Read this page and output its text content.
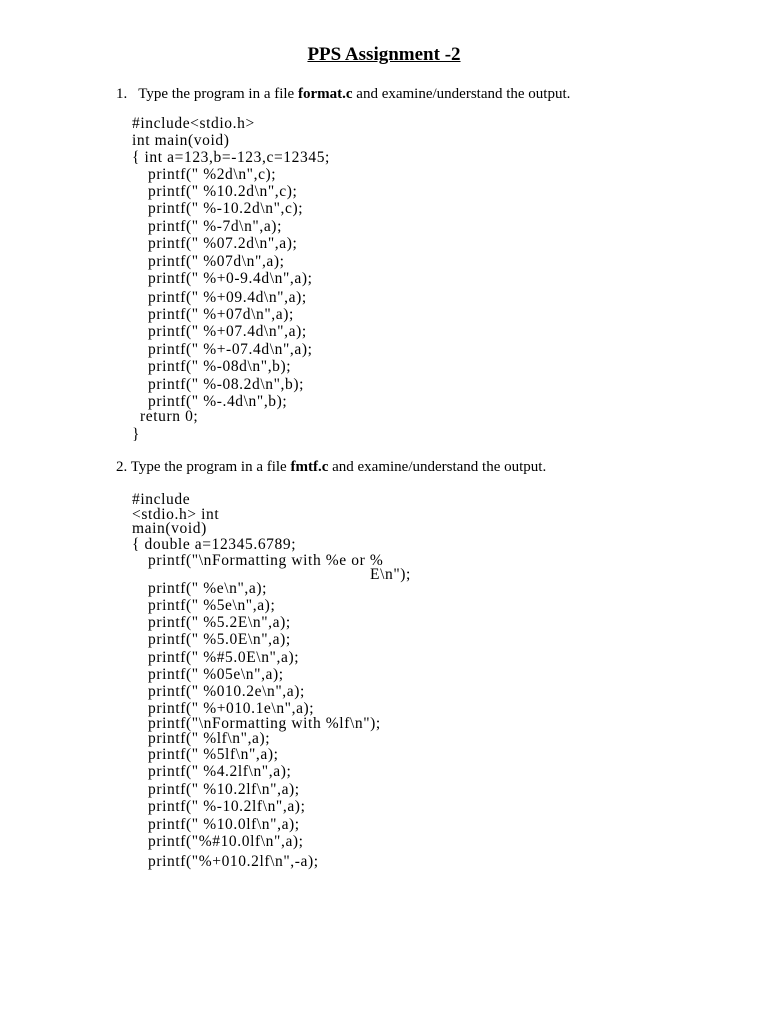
PPS Assignment -2
1. Type the program in a file format.c and examine/understand the output.
#include<stdio.h>
int main(void)
{ int a=123,b=-123,c=12345;
printf(" %2d\n",c);
printf(" %10.2d\n",c);
printf(" %-10.2d\n",c);
printf(" %-7d\n",a);
printf(" %07.2d\n",a);
printf(" %07d\n",a);
printf(" %+0-9.4d\n",a);
printf(" %+09.4d\n",a);
printf(" %+07d\n",a);
printf(" %+07.4d\n",a);
printf(" %+-07.4d\n",a);
printf(" %-08d\n",b);
printf(" %-08.2d\n",b);
printf(" %-.4d\n",b);
return 0;
}
2. Type the program in a file fmtf.c and examine/understand the output.
#include
<stdio.h> int
main(void)
{ double a=12345.6789;
printf("\nFormatting with %e or %
E\n");
printf(" %e\n",a);
printf(" %5e\n",a);
printf(" %5.2E\n",a);
printf(" %5.0E\n",a);
printf(" %#5.0E\n",a);
printf(" %05e\n",a);
printf(" %010.2e\n",a);
printf(" %+010.1e\n",a);
printf("\nFormatting with %lf\n");
printf(" %lf\n",a);
printf(" %5lf\n",a);
printf(" %4.2lf\n",a);
printf(" %10.2lf\n",a);
printf(" %-10.2lf\n",a);
printf(" %10.0lf\n",a);
printf("%#10.0lf\n",a);
printf("%+010.2lf\n",-a);
